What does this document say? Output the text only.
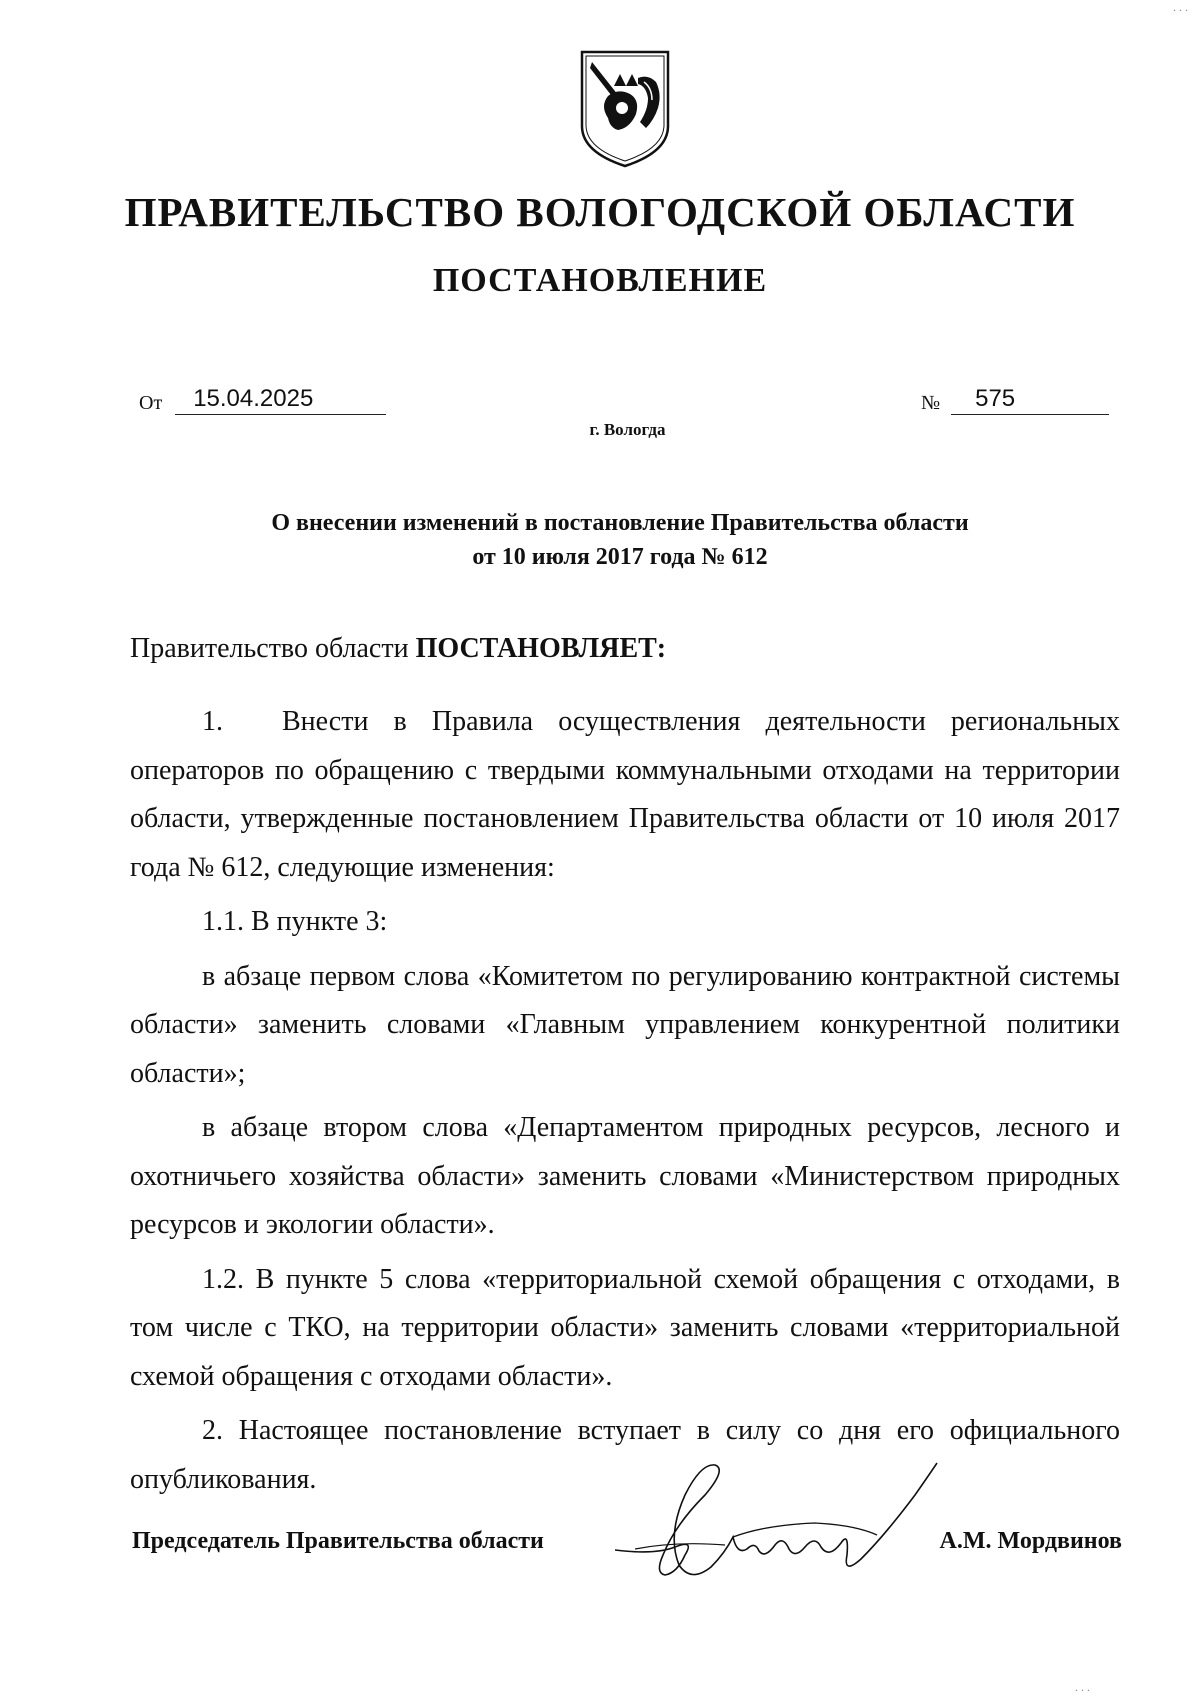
. . .
ПРАВИТЕЛЬСТВО ВОЛОГОДСКОЙ ОБЛАСТИ
ПОСТАНОВЛЕНИЕ
От 15.04.2025	№ 575
г. Вологда
О внесении изменений в постановление Правительства области
от 10 июля 2017 года № 612
Правительство области ПОСТАНОВЛЯЕТ:

1. Внести в Правила осуществления деятельности региональных операторов по обращению с твердыми коммунальными отходами на территории области, утвержденные постановлением Правительства области от 10 июля 2017 года № 612, следующие изменения:

1.1. В пункте 3:

в абзаце первом слова «Комитетом по регулированию контрактной системы области» заменить словами «Главным управлением конкурентной политики области»;

в абзаце втором слова «Департаментом природных ресурсов, лесного и охотничьего хозяйства области» заменить словами «Министерством природных ресурсов и экологии области».

1.2. В пункте 5 слова «территориальной схемой обращения с отходами, в том числе с ТКО, на территории области» заменить словами «территориальной схемой обращения с отходами области».

2. Настоящее постановление вступает в силу со дня его официального опубликования.

Председатель Правительства области	А.М. Мордвинов
. . .
